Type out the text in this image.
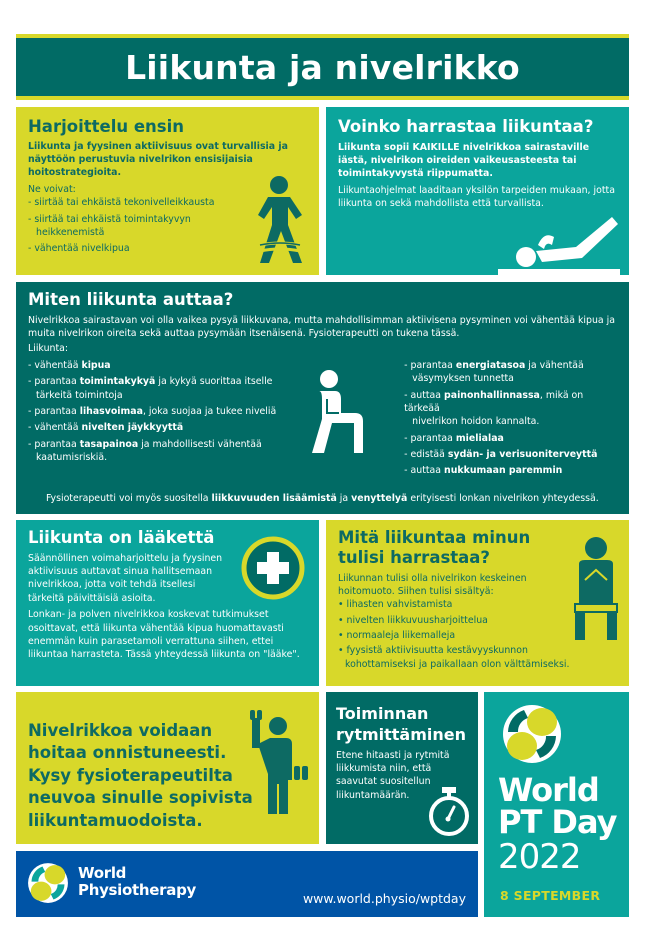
Liikunta ja nivelrikko
Harjoittelu ensin

Liikunta ja fyysinen aktiivisuus ovat turvallisia ja näyttöön perustuvia nivelrikon ensisijaisia hoitostrategioita.

Ne voivat:

- siirtää tai ehkäistä tekonivelleikkausta
- siirtää tai ehkäistä toimintakyvyn
heikkenemistä
- vähentää nivelkipua
Voinko harrastaa liikuntaa?

Liikunta sopii KAIKILLE nivelrikkoa sairastaville iästä, nivelrikon oireiden vaikeusasteesta tai toimintakyvystä riippumatta.

Liikuntaohjelmat laaditaan yksilön tarpeiden mukaan, jotta liikunta on sekä mahdollista että turvallista.

Miten liikunta auttaa?

Nivelrikkoa sairastavan voi olla vaikea pysyä liikkuvana, mutta mahdollisimman aktiivisena pysyminen voi vähentää kipua ja muita nivelrikon oireita sekä auttaa pysymään itsenäisenä. Fysioterapeutti on tukena tässä.

Liikunta:

- vähentää kipua
- parantaa toimintakykyä ja kykyä suorittaa itselle
tärkeitä toimintoja
- parantaa lihasvoimaa, joka suojaa ja tukee niveliä
- vähentää nivelten jäykkyyttä
- parantaa tasapainoa ja mahdollisesti vähentää
kaatumisriskiä.
- parantaa energiatasoa ja vähentää
väsymyksen tunnetta
- auttaa painonhallinnassa, mikä on tärkeää
nivelrikon hoidon kannalta.
- parantaa mielialaa
- edistää sydän- ja verisuoniterveyttä
- auttaa nukkumaan paremmin

Fysioterapeutti voi myös suositella liikkuvuuden lisäämistä ja venyttelyä erityisesti lonkan nivelrikon yhteydessä.

Liikunta on lääkettä

Säännöllinen voimaharjoittelu ja fyysinen aktiivisuus auttavat sinua hallitsemaan nivelrikkoa, jotta voit tehdä itsellesi tärkeitä päivittäisiä asioita.

Lonkan- ja polven nivelrikkoa koskevat tutkimukset osoittavat, että liikunta vähentää kipua huomattavasti enemmän kuin parasetamoli verrattuna siihen, ettei liikuntaa harrasteta. Tässä yhteydessä liikunta on "lääke".

Mitä liikuntaa minun tulisi harrastaa?

Liikunnan tulisi olla nivelrikon keskeinen hoitomuoto. Siihen tulisi sisältyä:

• lihasten vahvistamista
• nivelten liikkuvuusharjoittelua
• normaaleja liikemalleja
• fyysistä aktiivisuutta kestävyyskunnon
kohottamiseksi ja paikallaan olon välttämiseksi.

Nivelrikkoa voidaan hoitaa onnistuneesti. Kysy fysioterapeutilta neuvoa sinulle sopivista liikuntamuodoista.

Toiminnan
rytmittäminen

Etene hitaasti ja rytmitä liikkumista niin, että saavutat suositellun liikuntamäärän.	World
PT Day
2022
8 SEPTEMBER
World
Physiotherapy	www.world.physio/wptday
